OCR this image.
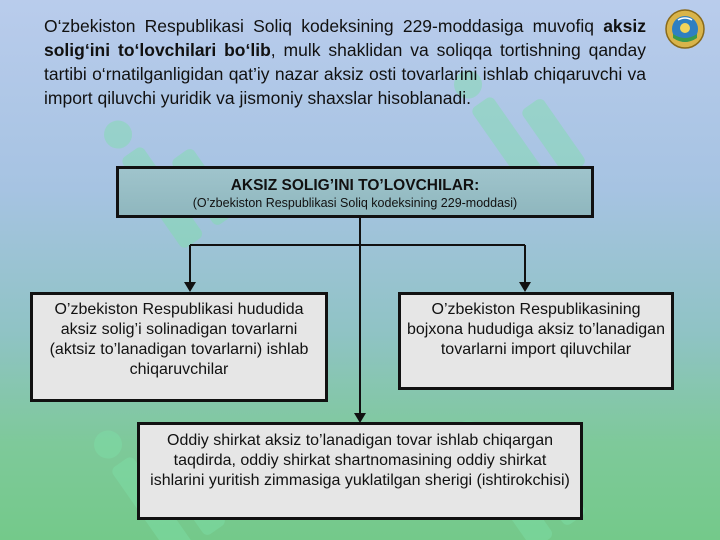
O‘zbekiston Respublikasi Soliq kodeksining 229-moddasiga muvofiq aksiz solig‘ini to‘lovchilari bo‘lib, mulk shaklidan va soliqqa tortishning qanday tartibi o‘rnatilganligidan qat’iy nazar aksiz osti tovarlarini ishlab chiqaruvchi va import qiluvchi yuridik va jismoniy shaxslar hisoblanadi.

AKSIZ SOLIG’INI TO’LOVCHILAR:
(O’zbekiston Respublikasi Soliq kodeksining 229-moddasi)
O’zbekiston Respublikasi hududida aksiz solig’i solinadigan tovarlarni (aktsiz to’lanadigan tovarlarni) ishlab chiqaruvchilar
O’zbekiston Respublikasining bojxona hududiga aksiz to’lanadigan tovarlarni import qiluvchilar
Oddiy shirkat aksiz to’lanadigan tovar ishlab chiqargan taqdirda, oddiy shirkat shartnomasining oddiy shirkat ishlarini yuritish zimmasiga yuklatilgan sherigi (ishtirokchisi)
